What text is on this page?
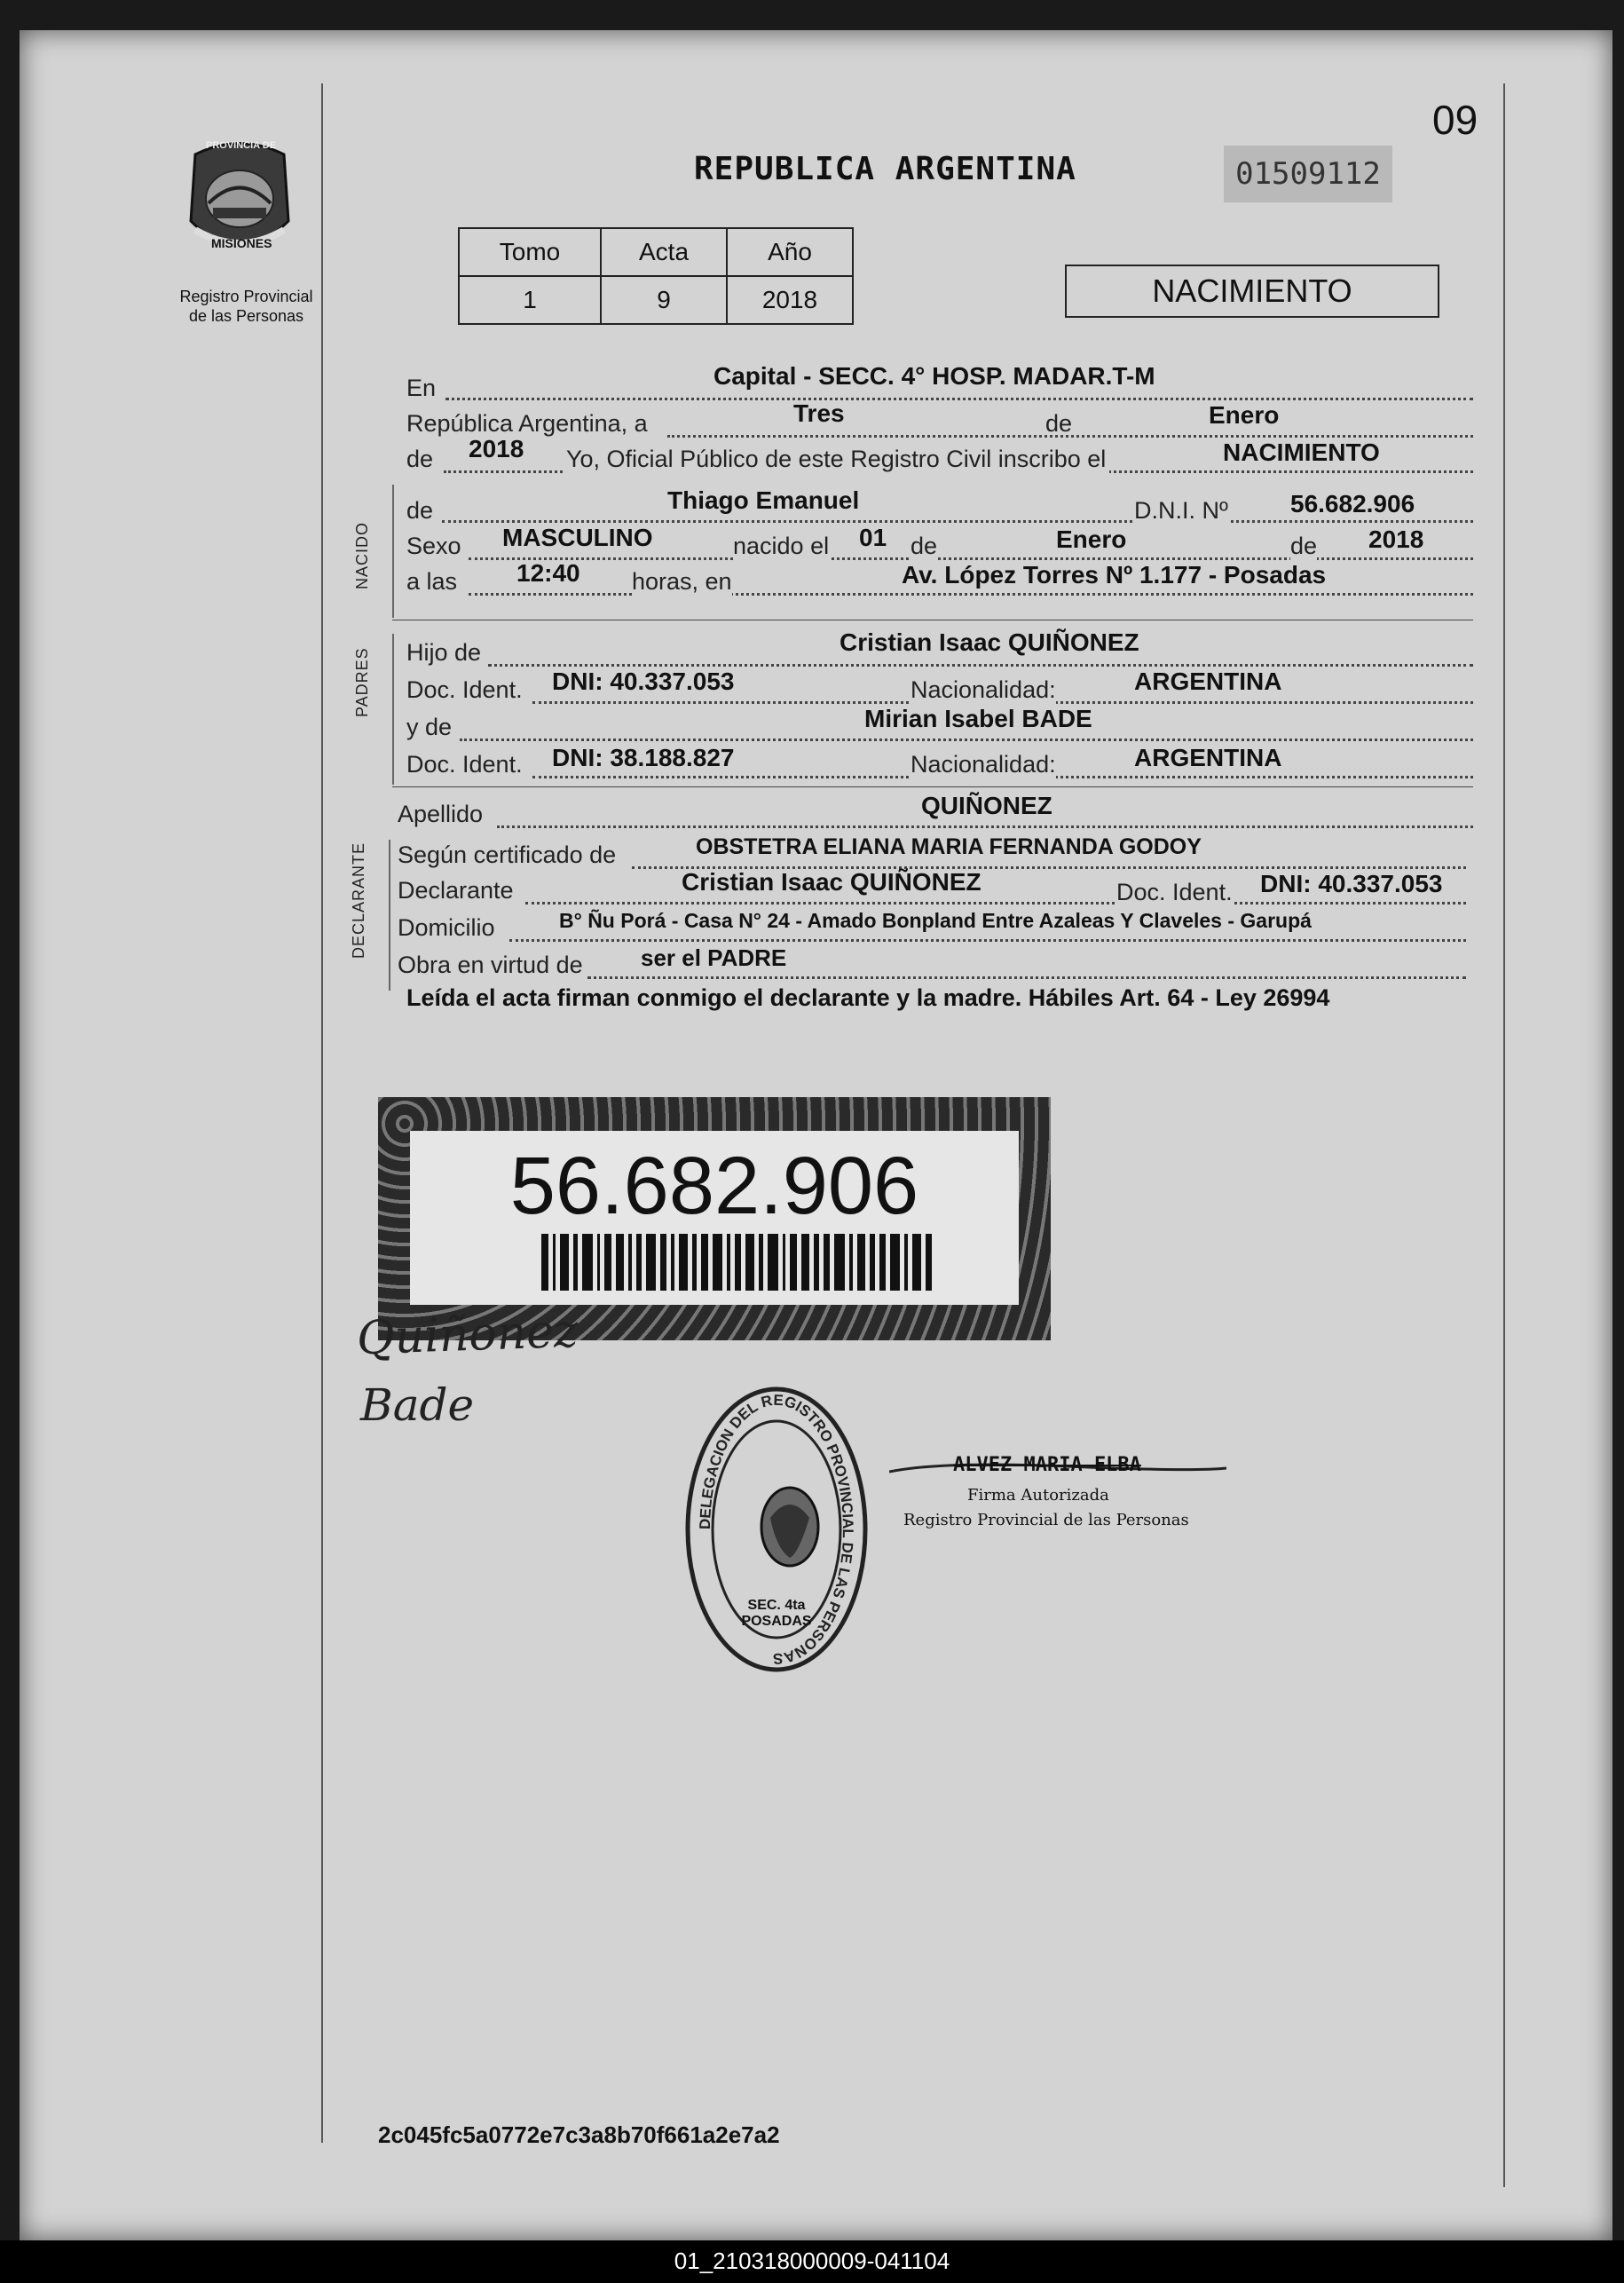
PROVINCIA DE
MISIONES
Registro Provincial
de las Personas
REPUBLICA ARGENTINA	01509112
09
Tomo	Acta	Año
1	9	2018	NACIMIENTO
En	Capital - SECC. 4° HOSP. MADAR.T-M
República Argentina, a	Tres	de	Enero
de 2018 Yo, Oficial Público de este Registro Civil inscribo el	NACIMIENTO
NACIDO
de	Thiago Emanuel	D.N.I. Nº	56.682.906
Sexo MASCULINO	nacido el 01 de	Enero	de 2018
a las 12:40 horas, en	Av. López Torres Nº 1.177 - Posadas
PADRES Hijo de	Cristian Isaac QUIÑONEZ
Doc. Ident. DNI: 40.337.053	Nacionalidad:	ARGENTINA
y de	Mirian Isabel BADE
Doc. Ident. DNI: 38.188.827	Nacionalidad:	ARGENTINA
Apellido	QUIÑONEZ
DECLARANTE Según certificado de	OBSTETRA ELIANA MARIA FERNANDA GODOY
Declarante	Cristian Isaac QUIÑONEZ	Doc. Ident. DNI: 40.337.053
Domicilio	B° Ñu Porá - Casa N° 24 - Amado Bonpland Entre Azaleas Y Claveles - Garupá
Obra en virtud de	ser el PADRE
Leída el acta firman conmigo el declarante y la madre. Hábiles Art. 64 - Ley 26994
56.682.906
Quiñonez
Bade
DELEGACION DEL REGISTRO PROVINCIAL DE LAS PERSONAS
SEC. 4ta POSADAS
ALVEZ MARIA ELBA
Firma Autorizada
Registro Provincial de las Personas
2c045fc5a0772e7c3a8b70f661a2e7a2
01_210318000009-041104
